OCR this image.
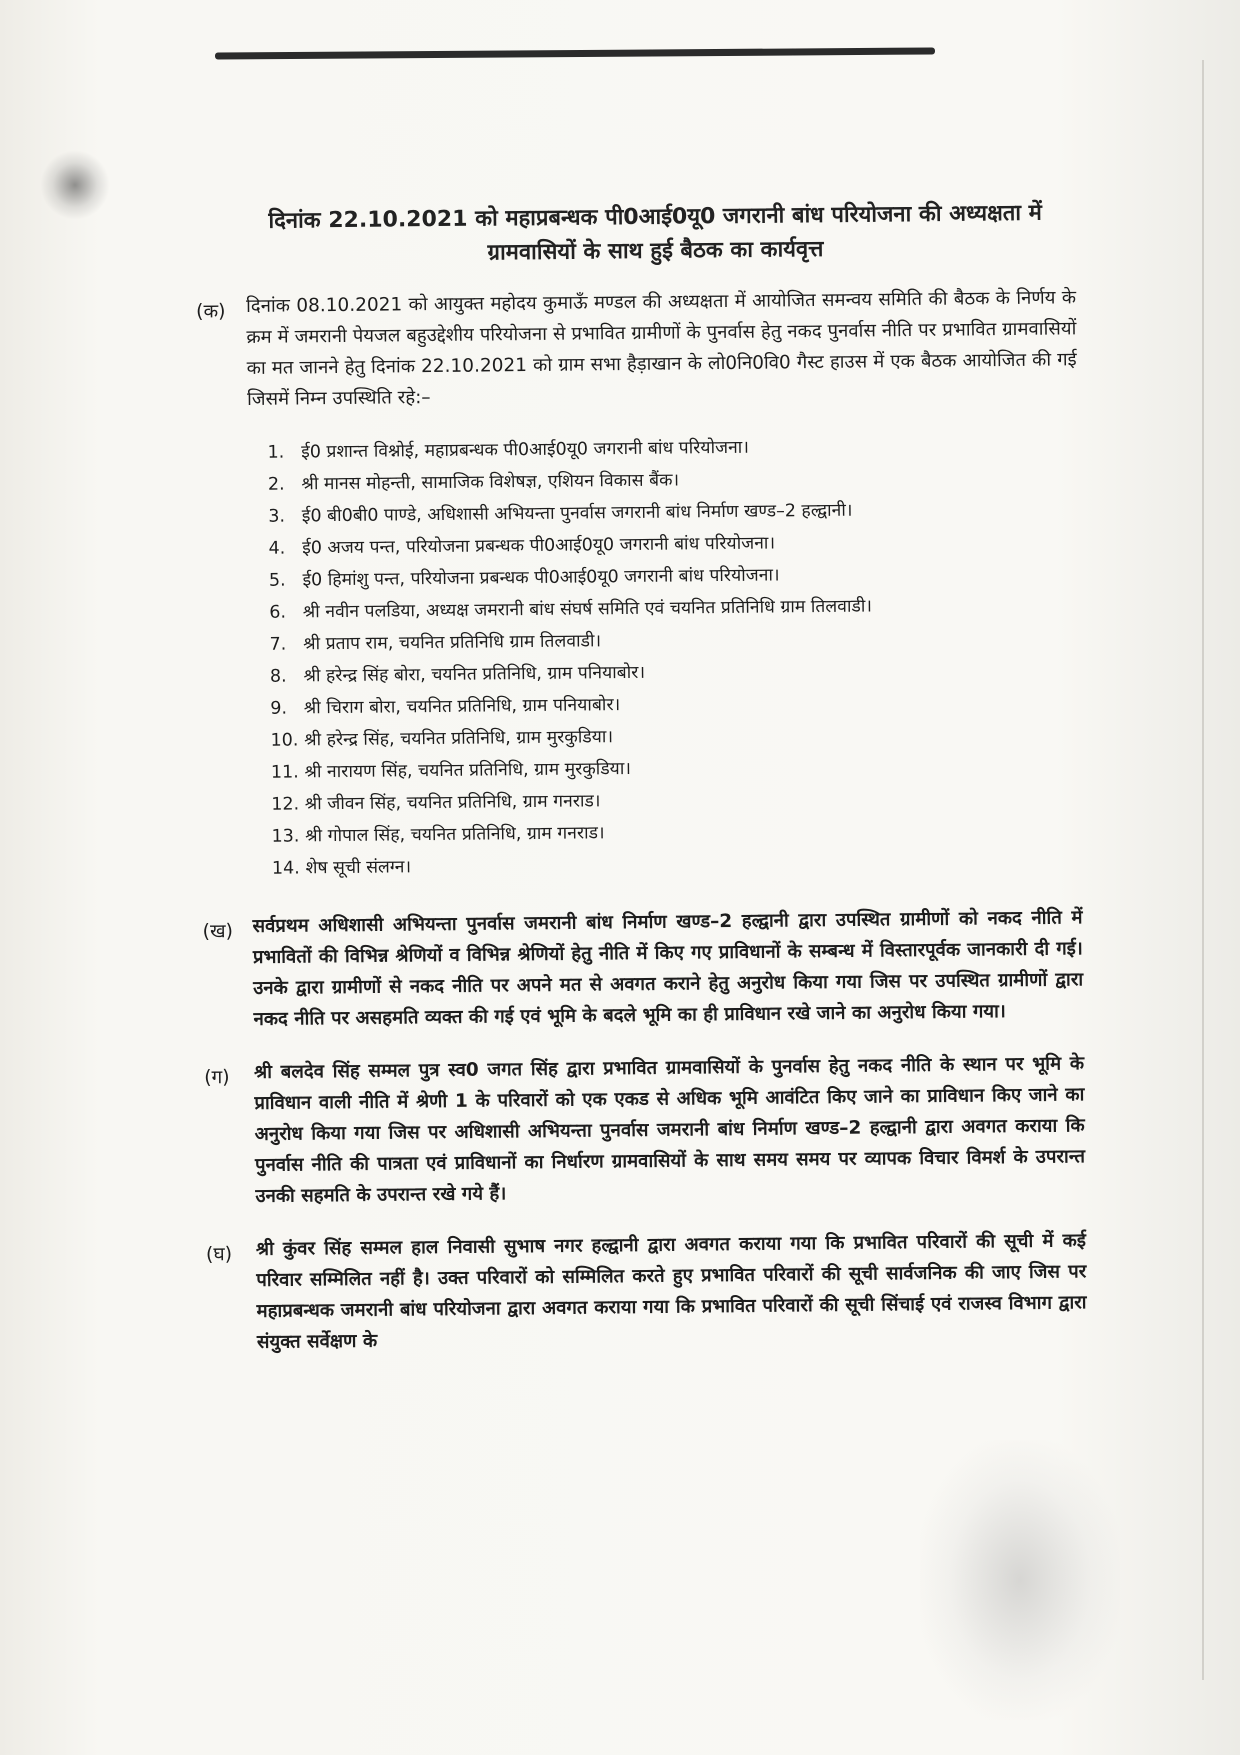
दिनांक 22.10.2021 को महाप्रबन्धक पी0आई0यू0 जगरानी बांध परियोजना की अध्यक्षता में
ग्रामवासियों के साथ हुई बैठक का कार्यवृत्त
(क) दिनांक 08.10.2021 को आयुक्त महोदय कुमाऊँ मण्डल की अध्यक्षता में आयोजित समन्वय समिति की बैठक के निर्णय के क्रम में जमरानी पेयजल बहुउद्देशीय परियोजना से प्रभावित ग्रामीणों के पुनर्वास हेतु नकद पुनर्वास नीति पर प्रभावित ग्रामवासियों का मत जानने हेतु दिनांक 22.10.2021 को ग्राम सभा हैड़ाखान के लो0नि0वि0 गैस्ट हाउस में एक बैठक आयोजित की गई जिसमें निम्न उपस्थिति रहे:–
1. ई0 प्रशान्त विश्नोई, महाप्रबन्धक पी0आई0यू0 जगरानी बांध परियोजना।
2. श्री मानस मोहन्ती, सामाजिक विशेषज्ञ, एशियन विकास बैंक।
3. ई0 बी0बी0 पाण्डे, अधिशासी अभियन्ता पुनर्वास जगरानी बांध निर्माण खण्ड–2 हल्द्वानी।
4. ई0 अजय पन्त, परियोजना प्रबन्धक पी0आई0यू0 जगरानी बांध परियोजना।
5. ई0 हिमांशु पन्त, परियोजना प्रबन्धक पी0आई0यू0 जगरानी बांध परियोजना।
6. श्री नवीन पलडिया, अध्यक्ष जमरानी बांध संघर्ष समिति एवं चयनित प्रतिनिधि ग्राम तिलवाडी।
7. श्री प्रताप राम, चयनित प्रतिनिधि ग्राम तिलवाडी।
8. श्री हरेन्द्र सिंह बोरा, चयनित प्रतिनिधि, ग्राम पनियाबोर।
9. श्री चिराग बोरा, चयनित प्रतिनिधि, ग्राम पनियाबोर।
10. श्री हरेन्द्र सिंह, चयनित प्रतिनिधि, ग्राम मुरकुडिया।
11. श्री नारायण सिंह, चयनित प्रतिनिधि, ग्राम मुरकुडिया।
12. श्री जीवन सिंह, चयनित प्रतिनिधि, ग्राम गनराड।
13. श्री गोपाल सिंह, चयनित प्रतिनिधि, ग्राम गनराड।
14. शेष सूची संलग्न।
(ख) सर्वप्रथम अधिशासी अभियन्ता पुनर्वास जमरानी बांध निर्माण खण्ड–2 हल्द्वानी द्वारा उपस्थित ग्रामीणों को नकद नीति में प्रभावितों की विभिन्न श्रेणियों व विभिन्न श्रेणियों हेतु नीति में किए गए प्राविधानों के सम्बन्ध में विस्तारपूर्वक जानकारी दी गई। उनके द्वारा ग्रामीणों से नकद नीति पर अपने मत से अवगत कराने हेतु अनुरोध किया गया जिस पर उपस्थित ग्रामीणों द्वारा नकद नीति पर असहमति व्यक्त की गई एवं भूमि के बदले भूमि का ही प्राविधान रखे जाने का अनुरोध किया गया।
(ग) श्री बलदेव सिंह सम्मल पुत्र स्व0 जगत सिंह द्वारा प्रभावित ग्रामवासियों के पुनर्वास हेतु नकद नीति के स्थान पर भूमि के प्राविधान वाली नीति में श्रेणी 1 के परिवारों को एक एकड से अधिक भूमि आवंटित किए जाने का प्राविधान किए जाने का अनुरोध किया गया जिस पर अधिशासी अभियन्ता पुनर्वास जमरानी बांध निर्माण खण्ड–2 हल्द्वानी द्वारा अवगत कराया कि पुनर्वास नीति की पात्रता एवं प्राविधानों का निर्धारण ग्रामवासियों के साथ समय समय पर व्यापक विचार विमर्श के उपरान्त उनकी सहमति के उपरान्त रखे गये हैं।
(घ) श्री कुंवर सिंह सम्मल हाल निवासी सुभाष नगर हल्द्वानी द्वारा अवगत कराया गया कि प्रभावित परिवारों की सूची में कई परिवार सम्मिलित नहीं है। उक्त परिवारों को सम्मिलित करते हुए प्रभावित परिवारों की सूची सार्वजनिक की जाए जिस पर महाप्रबन्धक जमरानी बांध परियोजना द्वारा अवगत कराया गया कि प्रभावित परिवारों की सूची सिंचाई एवं राजस्व विभाग द्वारा संयुक्त सर्वेक्षण के
